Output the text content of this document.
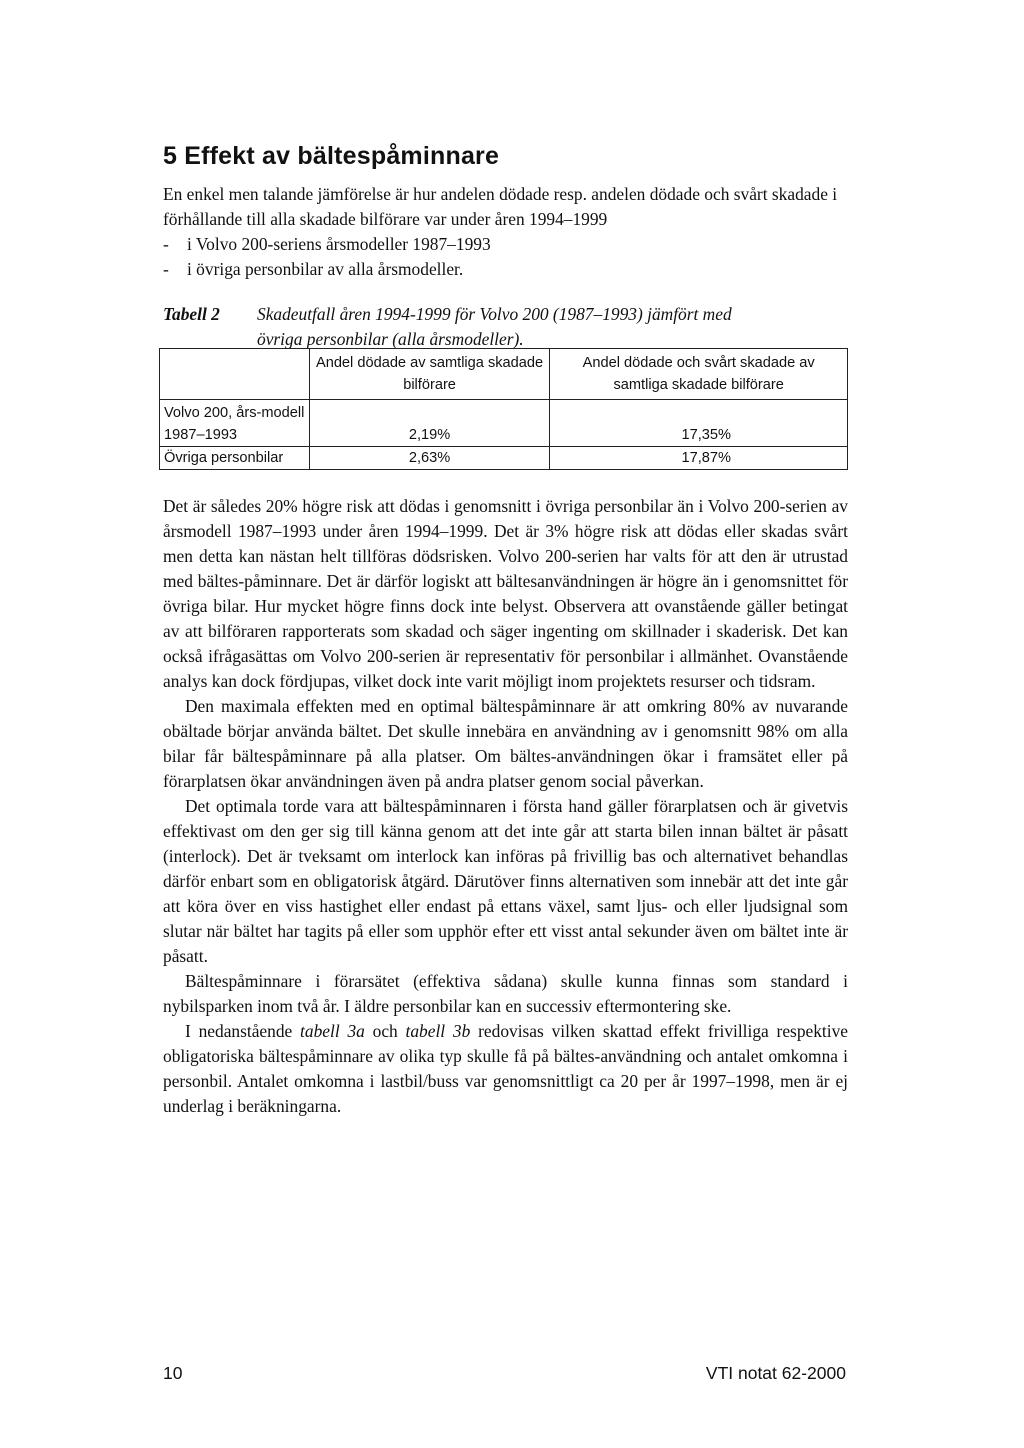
5 Effekt av bältespåminnare
En enkel men talande jämförelse är hur andelen dödade resp. andelen dödade och svårt skadade i förhållande till alla skadade bilförare var under åren 1994–1999
- i Volvo 200-seriens årsmodeller 1987–1993
- i övriga personbilar av alla årsmodeller.
Tabell 2 Skadeutfall åren 1994-1999 för Volvo 200 (1987–1993) jämfört med
övriga personbilar (alla årsmodeller).
	Andel dödade av samtliga skadade bilförare	Andel dödade och svårt skadade av samtliga skadade bilförare
Volvo 200, års-modell 1987–1993	2,19%	17,35%
Övriga personbilar	2,63%	17,87%

Det är således 20% högre risk att dödas i genomsnitt i övriga personbilar än i Volvo 200-serien av årsmodell 1987–1993 under åren 1994–1999. Det är 3% högre risk att dödas eller skadas svårt men detta kan nästan helt tillföras dödsrisken. Volvo 200-serien har valts för att den är utrustad med bältes-påminnare. Det är därför logiskt att bältesanvändningen är högre än i genomsnittet för övriga bilar. Hur mycket högre finns dock inte belyst. Observera att ovanstående gäller betingat av att bilföraren rapporterats som skadad och säger ingenting om skillnader i skaderisk. Det kan också ifrågasättas om Volvo 200-serien är representativ för personbilar i allmänhet. Ovanstående analys kan dock fördjupas, vilket dock inte varit möjligt inom projektets resurser och tidsram.

Den maximala effekten med en optimal bältespåminnare är att omkring 80% av nuvarande obältade börjar använda bältet. Det skulle innebära en användning av i genomsnitt 98% om alla bilar får bältespåminnare på alla platser. Om bältes-användningen ökar i framsätet eller på förarplatsen ökar användningen även på andra platser genom social påverkan.

Det optimala torde vara att bältespåminnaren i första hand gäller förarplatsen och är givetvis effektivast om den ger sig till känna genom att det inte går att starta bilen innan bältet är påsatt (interlock). Det är tveksamt om interlock kan införas på frivillig bas och alternativet behandlas därför enbart som en obligatorisk åtgärd. Därutöver finns alternativen som innebär att det inte går att köra över en viss hastighet eller endast på ettans växel, samt ljus- och eller ljudsignal som slutar när bältet har tagits på eller som upphör efter ett visst antal sekunder även om bältet inte är påsatt.

Bältespåminnare i förarsätet (effektiva sådana) skulle kunna finnas som standard i nybilsparken inom två år. I äldre personbilar kan en successiv eftermontering ske.

I nedanstående tabell 3a och tabell 3b redovisas vilken skattad effekt frivilliga respektive obligatoriska bältespåminnare av olika typ skulle få på bältes-användning och antalet omkomna i personbil. Antalet omkomna i lastbil/buss var genomsnittligt ca 20 per år 1997–1998, men är ej underlag i beräkningarna.

10	VTI notat 62-2000
